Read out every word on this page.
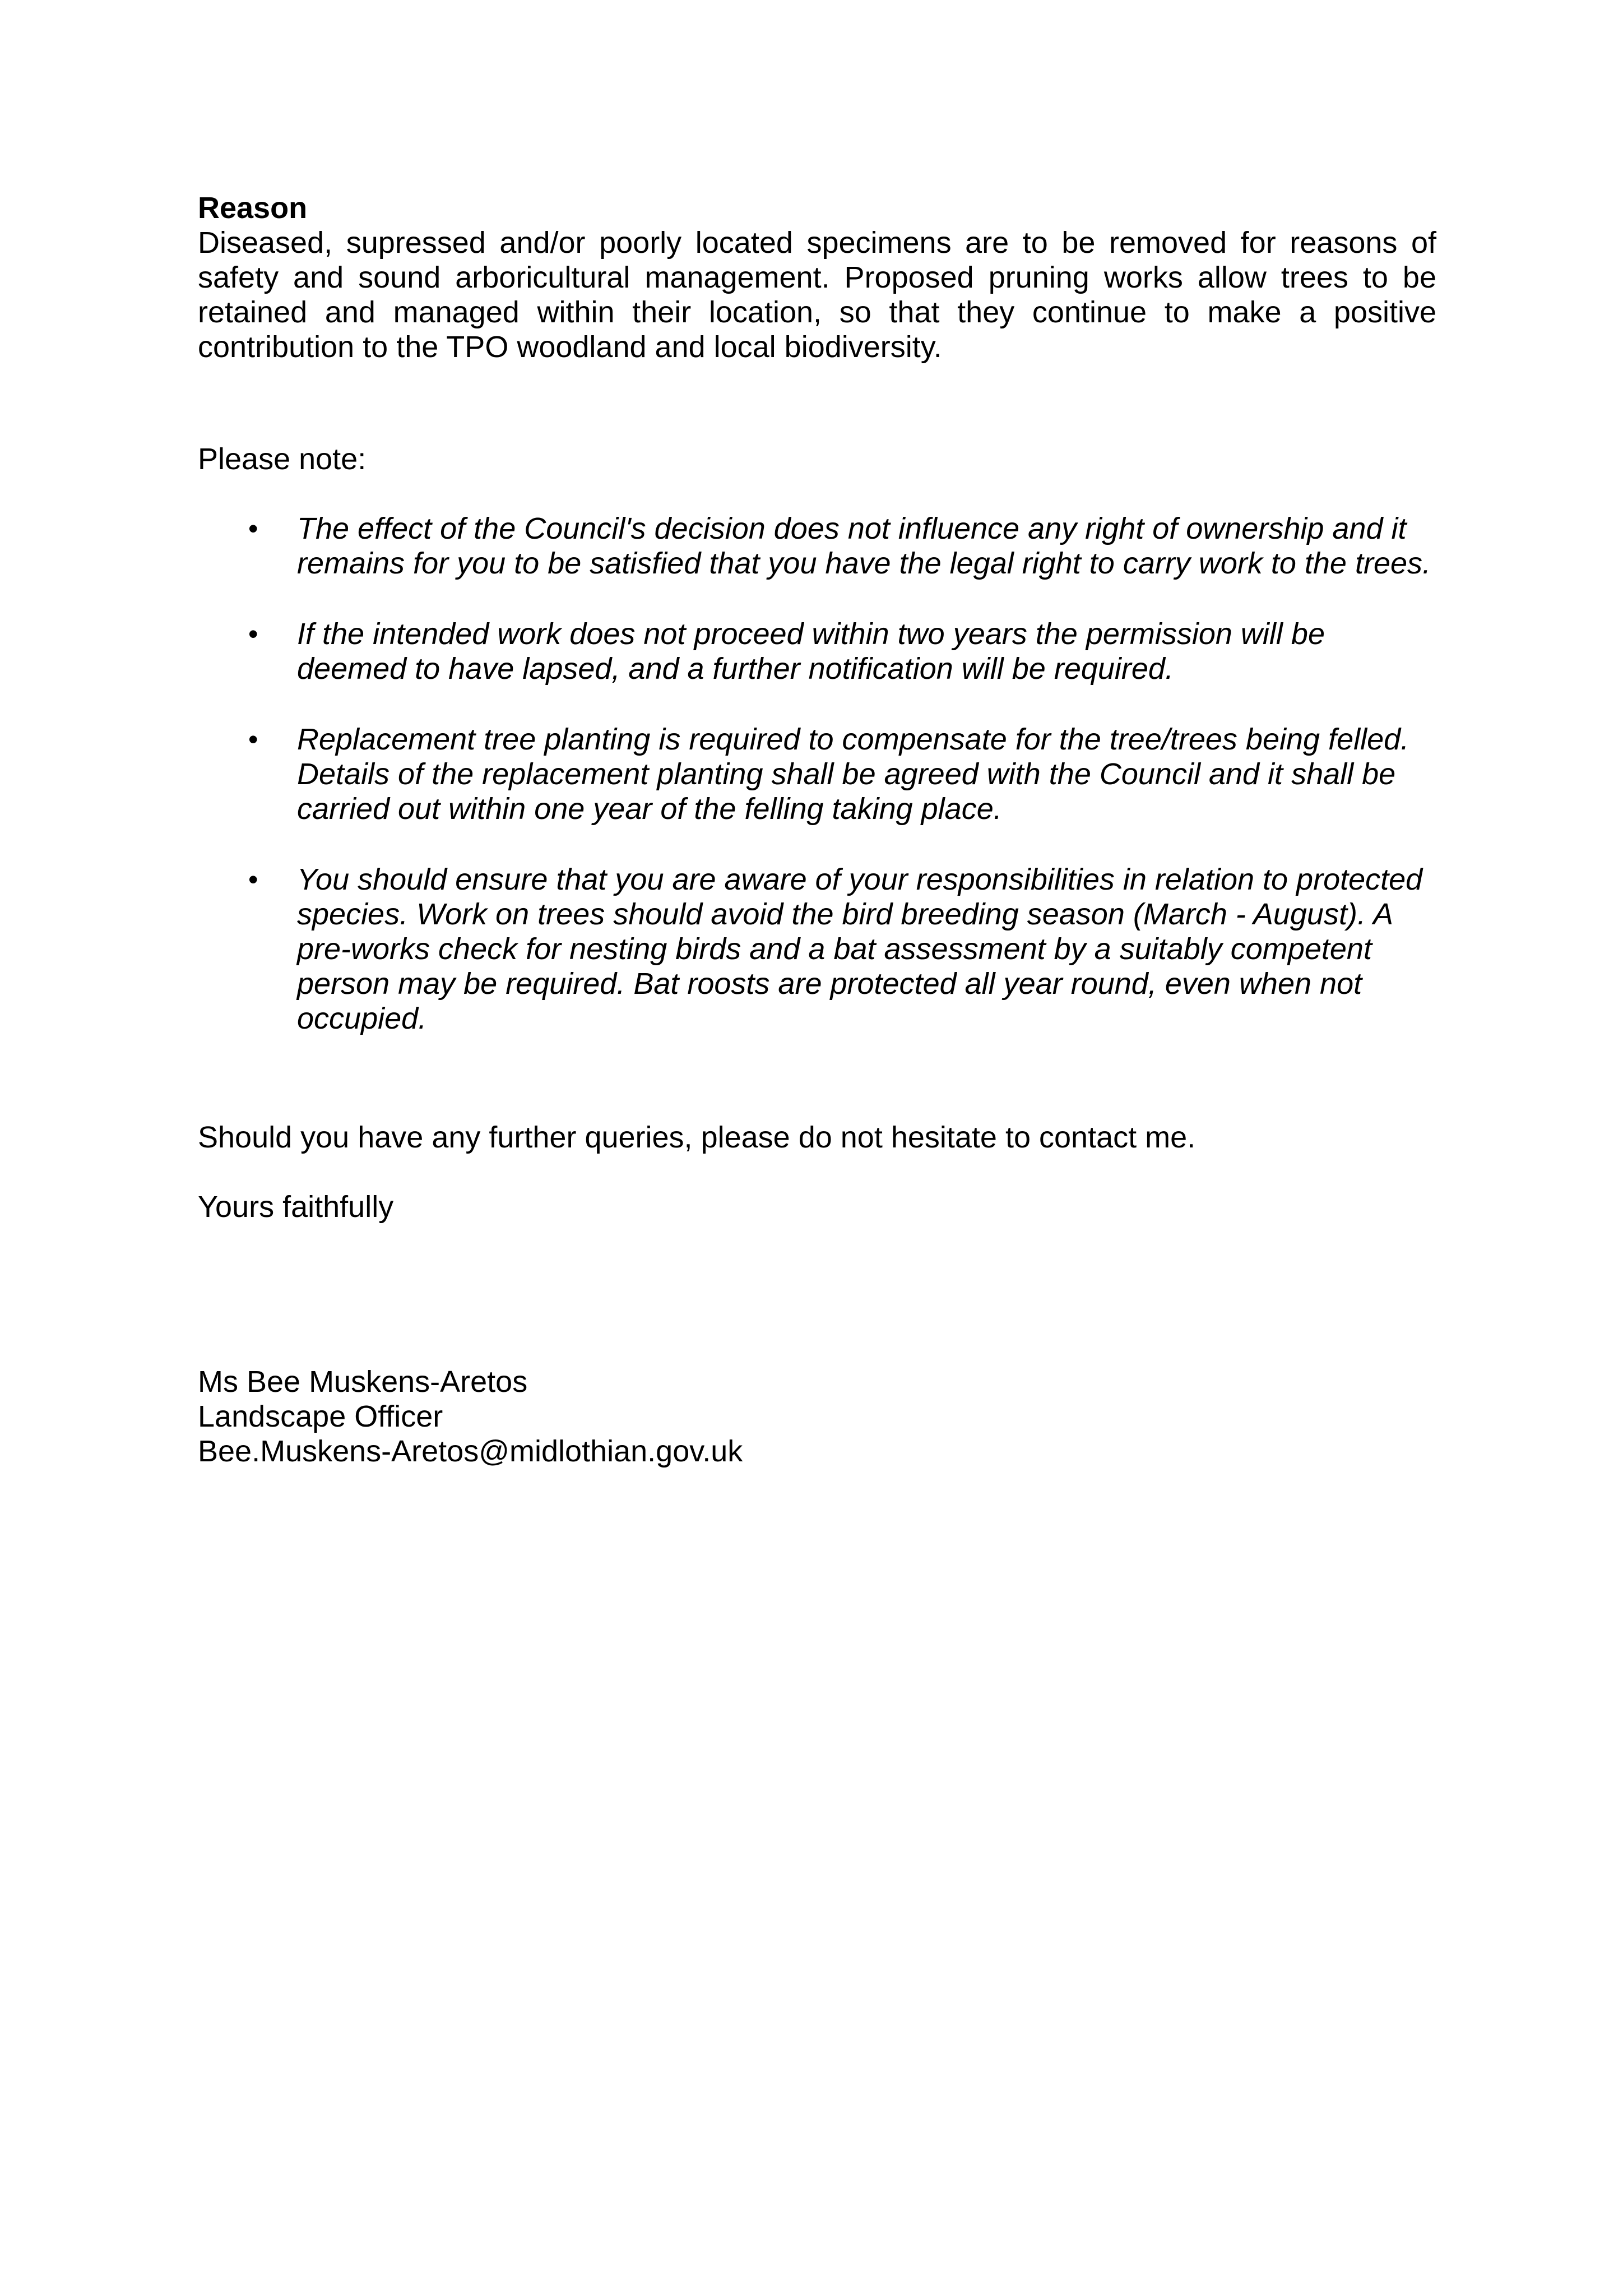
Reason

Diseased, supressed and/or poorly located specimens are to be removed for reasons of safety and sound arboricultural management. Proposed pruning works allow trees to be retained and managed within their location, so that they continue to make a positive contribution to the TPO woodland and local biodiversity.

Please note:

• The effect of the Council's decision does not influence any right of ownership and it remains for you to be satisfied that you have the legal right to carry work to the trees.
• If the intended work does not proceed within two years the permission will be deemed to have lapsed, and a further notification will be required.
• Replacement tree planting is required to compensate for the tree/trees being felled. Details of the replacement planting shall be agreed with the Council and it shall be carried out within one year of the felling taking place.
• You should ensure that you are aware of your responsibilities in relation to protected species. Work on trees should avoid the bird breeding season (March - August). A pre-works check for nesting birds and a bat assessment by a suitably competent person may be required. Bat roosts are protected all year round, even when not occupied.

Should you have any further queries, please do not hesitate to contact me.

Yours faithfully

Ms Bee Muskens-Aretos
Landscape Officer
Bee.Muskens-Aretos@midlothian.gov.uk
